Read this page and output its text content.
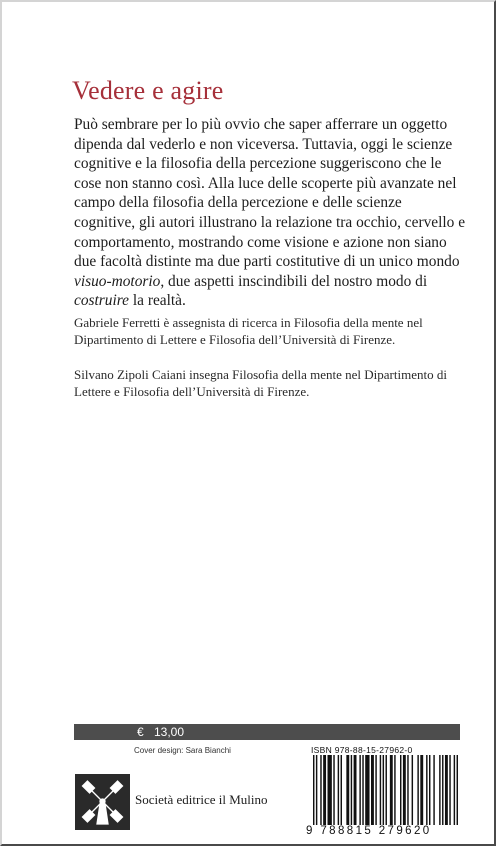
Vedere e agire

Può sembrare per lo più ovvio che saper afferrare un oggetto dipenda dal vederlo e non viceversa. Tuttavia, oggi le scienze cognitive e la filosofia della percezione suggeriscono che le cose non stanno così. Alla luce delle scoperte più avanzate nel campo della filosofia della percezione e delle scienze cognitive, gli autori illustrano la relazione tra occhio, cervello e comportamento, mostrando come visione e azione non siano due facoltà distinte ma due parti costitutive di un unico mondo visuo-motorio, due aspetti inscindibili del nostro modo di costruire la realtà.

Gabriele Ferretti è assegnista di ricerca in Filosofia della mente nel Dipartimento di Lettere e Filosofia dell’Università di Firenze.

Silvano Zipoli Caiani insegna Filosofia della mente nel Dipartimento di Lettere e Filosofia dell’Università di Firenze.

€ 13,00
Cover design: Sara Bianchi
Società editrice il Mulino
ISBN 978-88-15-27962-0
9 788815 279620
